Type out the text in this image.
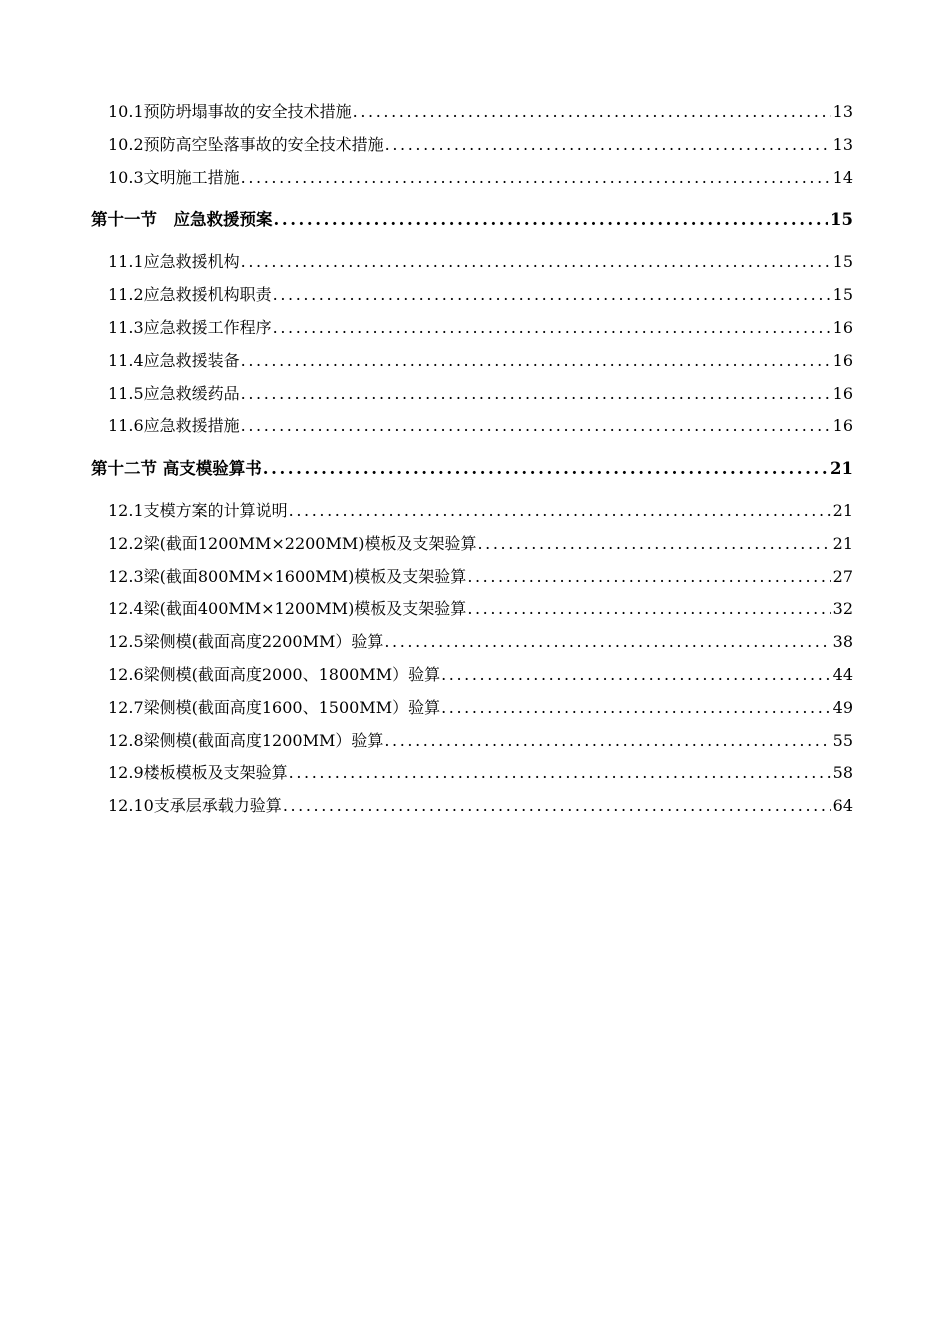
10.1预防坍塌事故的安全技术措施 .....	13
10.2预防高空坠落事故的安全技术措施 .....	13
10.3文明施工措施 .....	14
第十一节　应急救援预案 .....	15
11.1应急救援机构 .....	15
11.2应急救援机构职责 .....	15
11.3应急救援工作程序 .....	16
11.4应急救援装备 .....	16
11.5应急救缓药品 .....	16
11.6应急救援措施 .....	16
第十二节 高支模验算书 .....	21
12.1支模方案的计算说明 .....	21
12.2梁(截面1200MM×2200MM)模板及支架验算 .....	21
12.3梁(截面800MM×1600MM)模板及支架验算 .....	27
12.4梁(截面400MM×1200MM)模板及支架验算 .....	32
12.5梁侧模(截面高度2200MM）验算 .....	38
12.6梁侧模(截面高度2000、1800MM）验算 .....	44
12.7梁侧模(截面高度1600、1500MM）验算 .....	49
12.8梁侧模(截面高度1200MM）验算 .....	55
12.9楼板模板及支架验算 .....	58
12.10支承层承载力验算 .....	64
